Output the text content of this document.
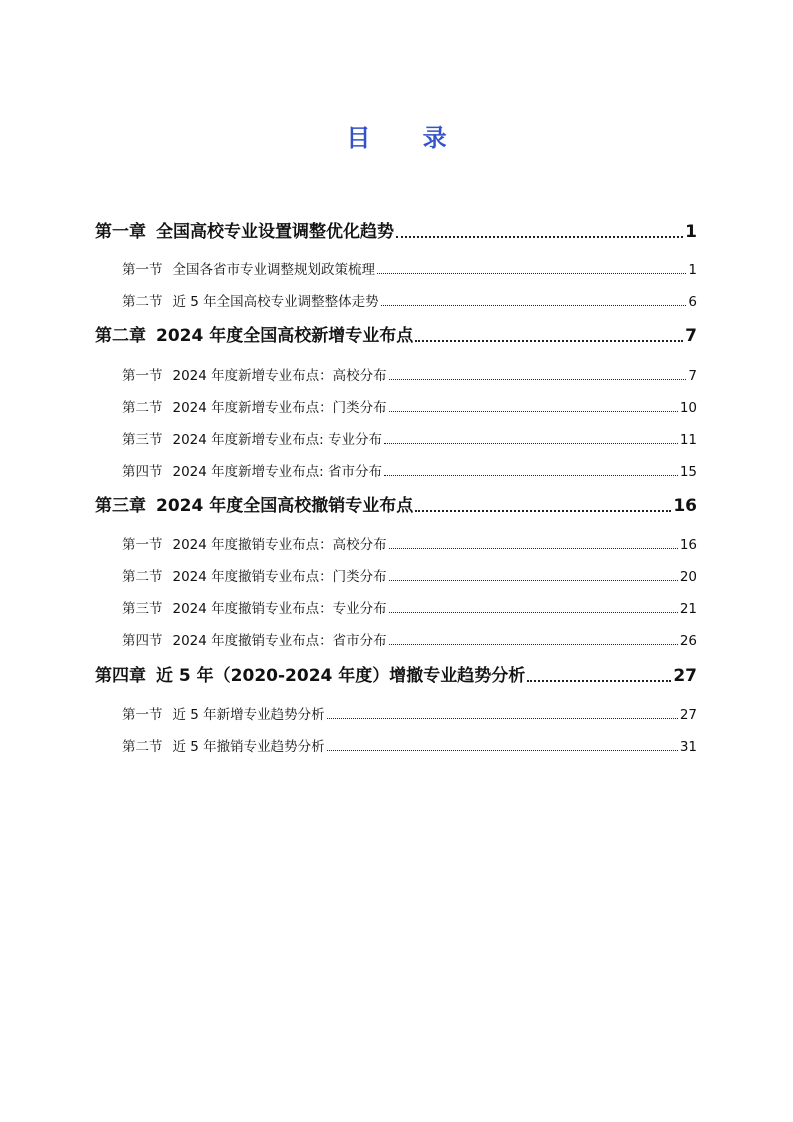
目 录
第一章 全国高校专业设置调整优化趋势	1
第一节 全国各省市专业调整规划政策梳理	1
第二节 近 5 年全国高校专业调整整体走势	6
第二章 2024 年度全国高校新增专业布点	7
第一节 2024 年度新增专业布点：高校分布	7
第二节 2024 年度新增专业布点：门类分布	10
第三节 2024 年度新增专业布点: 专业分布	11
第四节 2024 年度新增专业布点: 省市分布	15
第三章 2024 年度全国高校撤销专业布点	16
第一节 2024 年度撤销专业布点：高校分布	16
第二节 2024 年度撤销专业布点：门类分布	20
第三节 2024 年度撤销专业布点：专业分布	21
第四节 2024 年度撤销专业布点：省市分布	26
第四章 近 5 年（2020-2024 年度）增撤专业趋势分析	27
第一节 近 5 年新增专业趋势分析	27
第二节 近 5 年撤销专业趋势分析	31
